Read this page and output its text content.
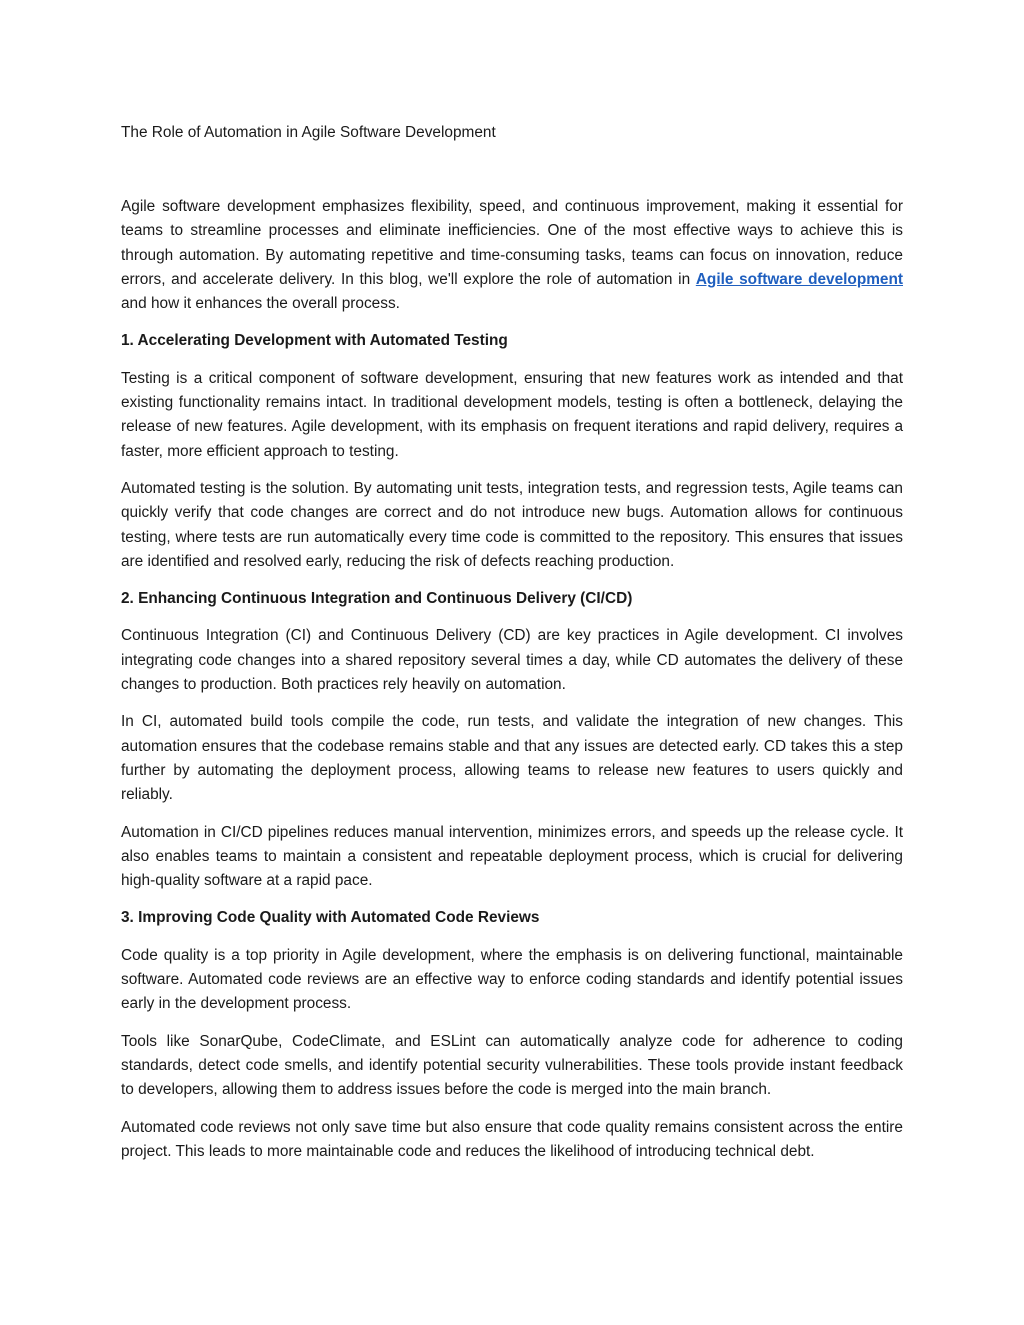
The Role of Automation in Agile Software Development

Agile software development emphasizes flexibility, speed, and continuous improvement, making it essential for teams to streamline processes and eliminate inefficiencies. One of the most effective ways to achieve this is through automation. By automating repetitive and time-consuming tasks, teams can focus on innovation, reduce errors, and accelerate delivery. In this blog, we'll explore the role of automation in Agile software development and how it enhances the overall process.

1. Accelerating Development with Automated Testing

Testing is a critical component of software development, ensuring that new features work as intended and that existing functionality remains intact. In traditional development models, testing is often a bottleneck, delaying the release of new features. Agile development, with its emphasis on frequent iterations and rapid delivery, requires a faster, more efficient approach to testing.

Automated testing is the solution. By automating unit tests, integration tests, and regression tests, Agile teams can quickly verify that code changes are correct and do not introduce new bugs. Automation allows for continuous testing, where tests are run automatically every time code is committed to the repository. This ensures that issues are identified and resolved early, reducing the risk of defects reaching production.

2. Enhancing Continuous Integration and Continuous Delivery (CI/CD)

Continuous Integration (CI) and Continuous Delivery (CD) are key practices in Agile development. CI involves integrating code changes into a shared repository several times a day, while CD automates the delivery of these changes to production. Both practices rely heavily on automation.

In CI, automated build tools compile the code, run tests, and validate the integration of new changes. This automation ensures that the codebase remains stable and that any issues are detected early. CD takes this a step further by automating the deployment process, allowing teams to release new features to users quickly and reliably.

Automation in CI/CD pipelines reduces manual intervention, minimizes errors, and speeds up the release cycle. It also enables teams to maintain a consistent and repeatable deployment process, which is crucial for delivering high-quality software at a rapid pace.

3. Improving Code Quality with Automated Code Reviews

Code quality is a top priority in Agile development, where the emphasis is on delivering functional, maintainable software. Automated code reviews are an effective way to enforce coding standards and identify potential issues early in the development process.

Tools like SonarQube, CodeClimate, and ESLint can automatically analyze code for adherence to coding standards, detect code smells, and identify potential security vulnerabilities. These tools provide instant feedback to developers, allowing them to address issues before the code is merged into the main branch.

Automated code reviews not only save time but also ensure that code quality remains consistent across the entire project. This leads to more maintainable code and reduces the likelihood of introducing technical debt.
